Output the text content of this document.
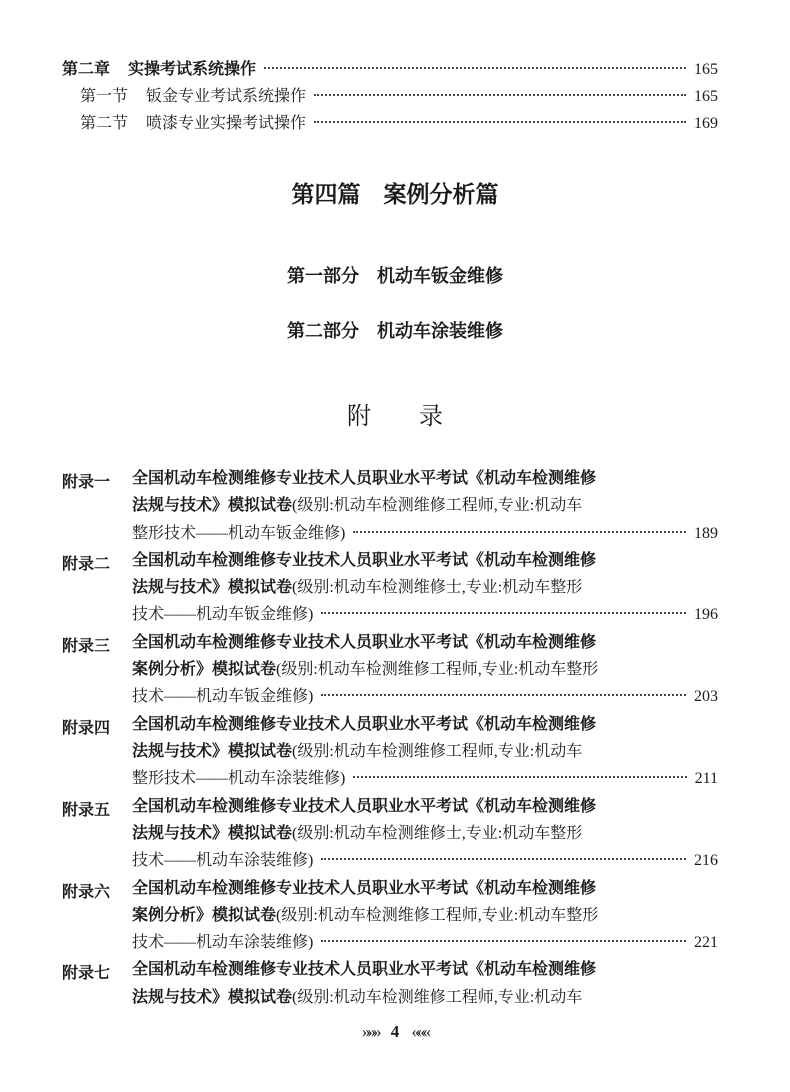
第二章 实操考试系统操作	165
第一节 钣金专业考试系统操作	165
第二节 喷漆专业实操考试操作	169
第四篇　案例分析篇
第一部分　机动车钣金维修
第二部分　机动车涂装维修
附　　录
附录一 全国机动车检测维修专业技术人员职业水平考试《机动车检测维修
法规与技术》模拟试卷 (级别:机动车检测维修工程师,专业:机动车
整形技术——机动车钣金维修)	189
附录二 全国机动车检测维修专业技术人员职业水平考试《机动车检测维修
法规与技术》模拟试卷 (级别:机动车检测维修士,专业:机动车整形
技术——机动车钣金维修)	196
附录三 全国机动车检测维修专业技术人员职业水平考试《机动车检测维修
案例分析》模拟试卷 (级别:机动车检测维修工程师,专业:机动车整形
技术——机动车钣金维修)	203
附录四 全国机动车检测维修专业技术人员职业水平考试《机动车检测维修
法规与技术》模拟试卷 (级别:机动车检测维修工程师,专业:机动车
整形技术——机动车涂装维修)	211
附录五 全国机动车检测维修专业技术人员职业水平考试《机动车检测维修
法规与技术》模拟试卷 (级别:机动车检测维修士,专业:机动车整形
技术——机动车涂装维修)	216
附录六 全国机动车检测维修专业技术人员职业水平考试《机动车检测维修
案例分析》模拟试卷 (级别:机动车检测维修工程师,专业:机动车整形
技术——机动车涂装维修)	221
附录七 全国机动车检测维修专业技术人员职业水平考试《机动车检测维修
法规与技术》模拟试卷 (级别:机动车检测维修工程师,专业:机动车
»»» 4 «««
